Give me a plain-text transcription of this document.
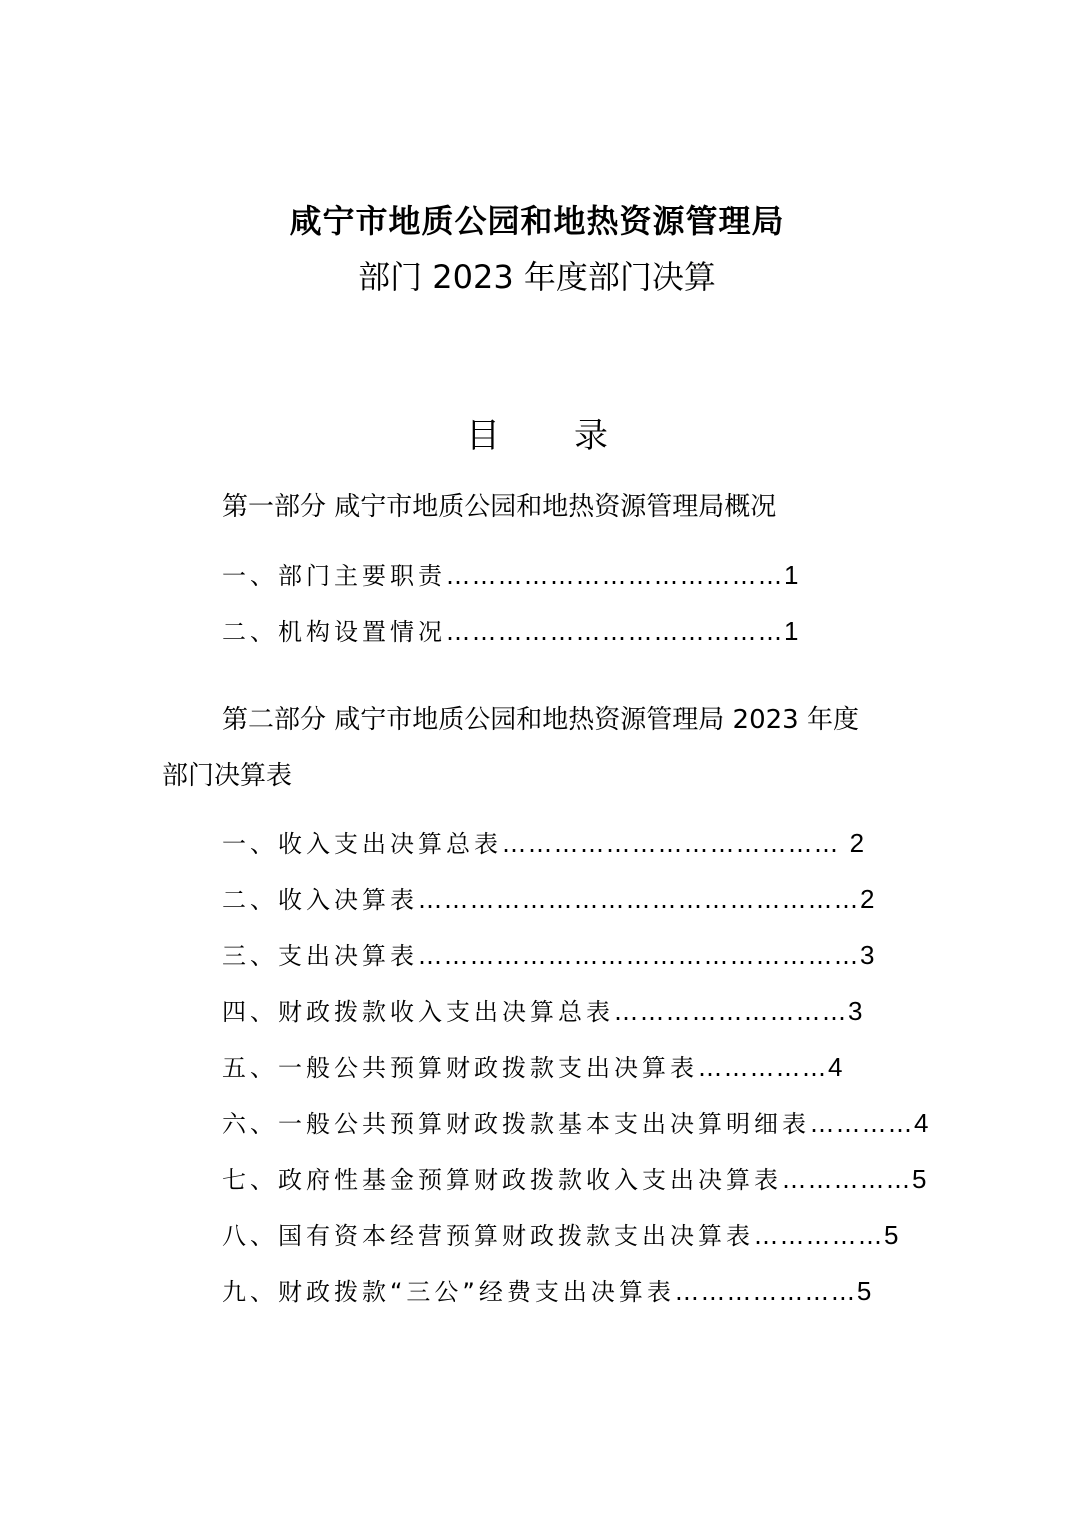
咸宁市地质公园和地热资源管理局
部门 2023 年度部门决算
目 录
第一部分 咸宁市地质公园和地热资源管理局概况
一、部门主要职责…………………………………1
二、机构设置情况…………………………………1
第二部分 咸宁市地质公园和地热资源管理局 2023 年度
部门决算表
一、收入支出决算总表………………………………… 2
二、收入决算表……………………………………………2
三、支出决算表……………………………………………3
四、财政拨款收入支出决算总表………………………3
五、一般公共预算财政拨款支出决算表……………4
六、一般公共预算财政拨款基本支出决算明细表…………4
七、政府性基金预算财政拨款收入支出决算表……………5
八、国有资本经营预算财政拨款支出决算表……………5
九、财政拨款“三公”经费支出决算表…………………5
